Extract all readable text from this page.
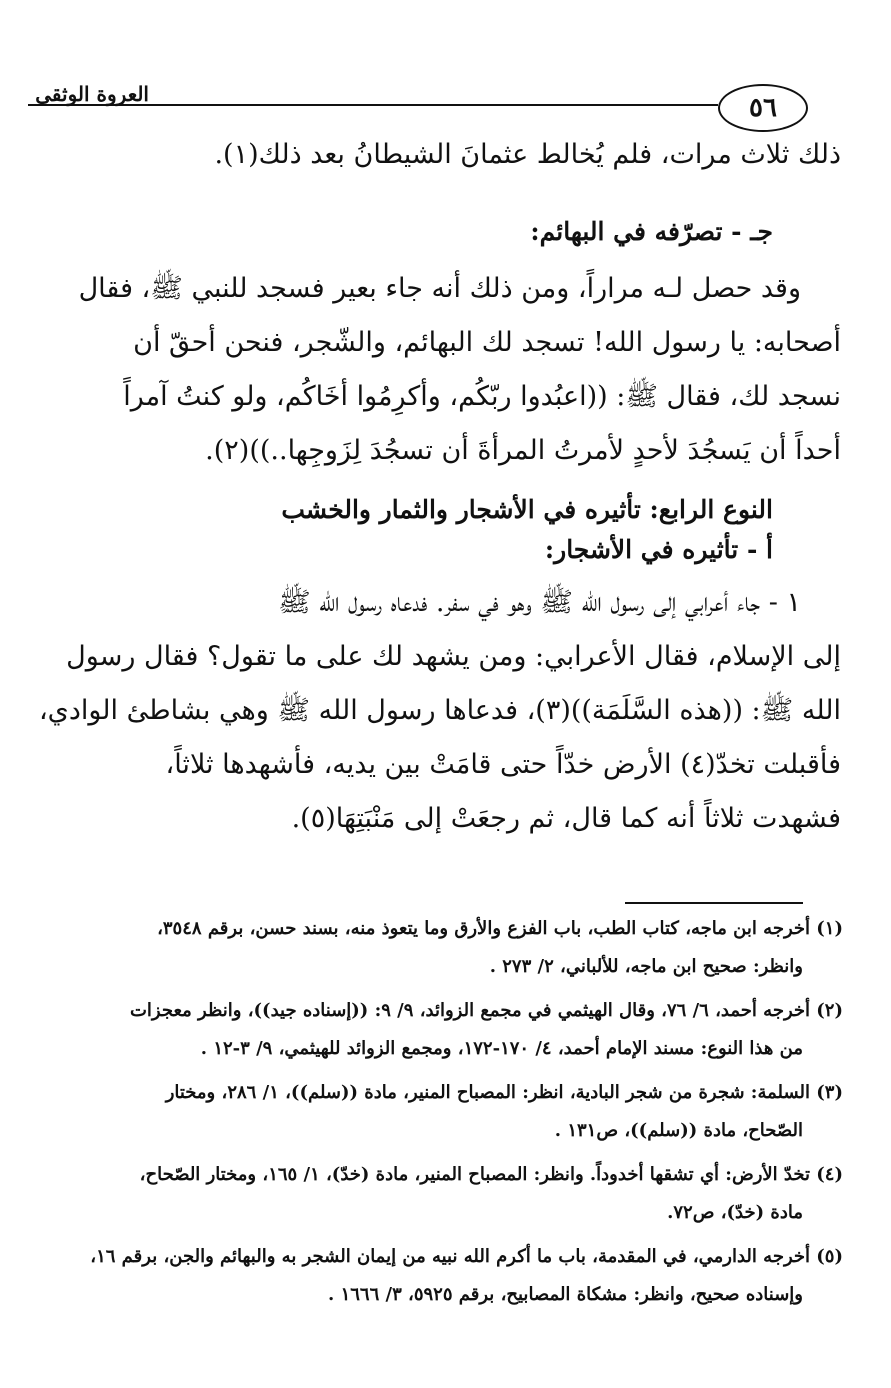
العروة الوثقى	٥٦
ذلك ثلاث مرات، فلم يُخالط عثمانَ الشيطانُ بعد ذلك(١).
جـ - تصرّفه في البهائم:
وقد حصل لـه مراراً، ومن ذلك أنه جاء بعير فسجد للنبي ﷺ، فقال
أصحابه: يا رسول الله! تسجد لك البهائم، والشّجر، فنحن أحقّ أن
نسجد لك، فقال ﷺ: ((اعبُدوا ربّكُم، وأكرِمُوا أخَاكُم، ولو كنتُ آمراً
أحداً أن يَسجُدَ لأحدٍ لأمرتُ المرأةَ أن تسجُدَ لِزَوجِها..))(٢).
النوع الرابع: تأثيره في الأشجار والثمار والخشب
أ - تأثيره في الأشجار:
١ - جاء أعرابي إلى رسول الله ﷺ وهو في سفر. فدعاه رسول الله ﷺ
إلى الإسلام، فقال الأعرابي: ومن يشهد لك على ما تقول؟ فقال رسول
الله ﷺ: ((هذه السَّلَمَة))(٣)، فدعاها رسول الله ﷺ وهي بشاطئ الوادي،
فأقبلت تخدّ(٤) الأرض خدّاً حتى قامَتْ بين يديه، فأشهدها ثلاثاً،
فشهدت ثلاثاً أنه كما قال، ثم رجعَتْ إلى مَنْبَتِهَا(٥).
(١) أخرجه ابن ماجه، كتاب الطب، باب الفزع والأرق وما يتعوذ منه، بسند حسن، برقم ٣٥٤٨،
وانظر: صحيح ابن ماجه، للألباني، ٢/ ٢٧٣ .
(٢) أخرجه أحمد، ٦/ ٧٦، وقال الهيثمي في مجمع الزوائد، ٩/ ٩: ((إسناده جيد))، وانظر معجزات
من هذا النوع: مسند الإمام أحمد، ٤/ ١٧٠-١٧٢، ومجمع الزوائد للهيثمي، ٩/ ٣-١٢ .
(٣) السلمة: شجرة من شجر البادية، انظر: المصباح المنير، مادة ((سلم))، ١/ ٢٨٦، ومختار
الصّحاح، مادة ((سلم))، ص١٣١ .
(٤) تخدّ الأرض: أي تشقها أخدوداً. وانظر: المصباح المنير، مادة (خدّ)، ١/ ١٦٥، ومختار الصّحاح،
مادة (خدّ)، ص٧٢.
(٥) أخرجه الدارمي، في المقدمة، باب ما أكرم الله نبيه من إيمان الشجر به والبهائم والجن، برقم ١٦،
وإسناده صحيح، وانظر: مشكاة المصابيح، برقم ٥٩٢٥، ٣/ ١٦٦٦ .
